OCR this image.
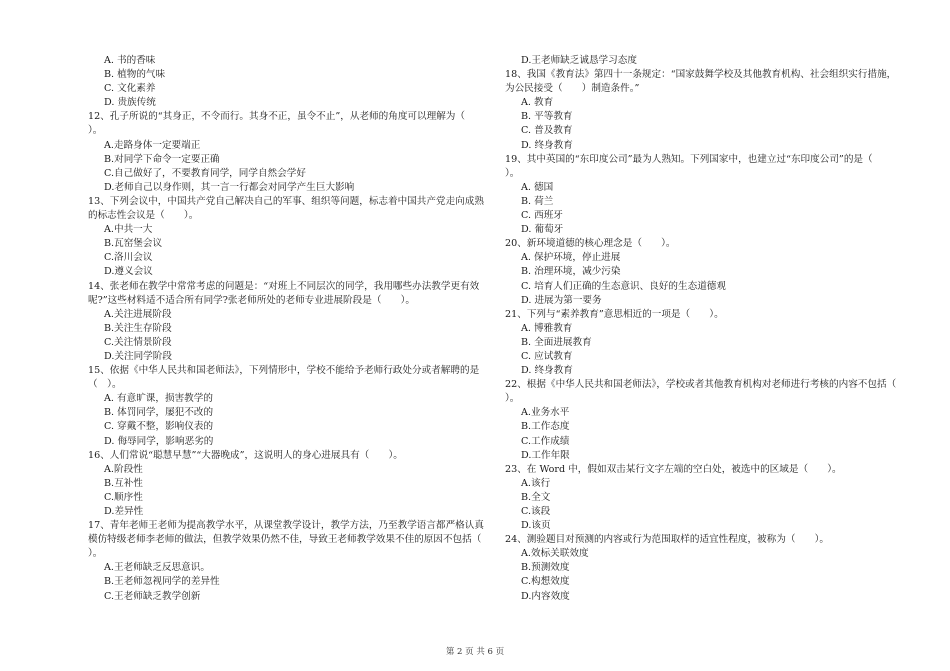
A. 书的香味
B. 植物的气味
C. 文化素养
D. 贵族传统
12、孔子所说的“其身正，不令而行。其身不正，虽令不止”，从老师的角度可以理解为（
）。
A.走路身体一定要端正
B.对同学下命令一定要正确
C.自己做好了，不要教育同学，同学自然会学好
D.老师自己以身作则，其一言一行都会对同学产生巨大影响
13、下列会议中，中国共产党自己解决自己的军事、组织等问题，标志着中国共产党走向成熟
的标志性会议是（　　）。
A.中共一大
B.瓦窑堡会议
C.洛川会议
D.遵义会议
14、张老师在教学中常常考虑的问题是：“对班上不同层次的同学，我用哪些办法教学更有效
呢?”这些材料适不适合所有同学?张老师所处的老师专业进展阶段是（　　）。
A.关注进展阶段
B.关注生存阶段
C.关注情景阶段
D.关注同学阶段
15、依据《中华人民共和国老师法》，下列情形中，学校不能给予老师行政处分或者解聘的是
（　）。
A. 有意旷课，损害教学的
B. 体罚同学，屡犯不改的
C. 穿戴不整，影响仪表的
D. 侮辱同学，影响恶劣的
16、人们常说“聪慧早慧”“大器晚成”，这说明人的身心进展具有（　　）。
A.阶段性
B.互补性
C.顺序性
D.差异性
17、青年老师王老师为提高教学水平，从课堂教学设计，教学方法，乃至教学语言都严格认真
模仿特级老师李老师的做法，但教学效果仍然不佳，导致王老师教学效果不佳的原因不包括（
）。
A.王老师缺乏反思意识。
B.王老师忽视同学的差异性
C.王老师缺乏教学创新
D.王老师缺乏诚恳学习态度
18、我国《教育法》第四十一条规定：“国家鼓舞学校及其他教育机构、社会组织实行措施，
为公民接受（　　）制造条件。”
A. 教育
B. 平等教育
C. 普及教育
D. 终身教育
19、其中英国的“东印度公司”最为人熟知。下列国家中，也建立过“东印度公司”的是（
）。
A. 德国
B. 荷兰
C. 西班牙
D. 葡萄牙
20、新环境道德的核心理念是（　　）。
A. 保护环境，停止进展
B. 治理环境，减少污染
C. 培育人们正确的生态意识、良好的生态道德观
D. 进展为第一要务
21、下列与“素养教育”意思相近的一项是（　　）。
A. 博雅教育
B. 全面进展教育
C. 应试教育
D. 终身教育
22、根据《中华人民共和国老师法》，学校或者其他教育机构对老师进行考核的内容不包括（
）。
A.业务水平
B.工作态度
C.工作成绩
D.工作年限
23、在 Word 中，假如双击某行文字左端的空白处，被选中的区域是（　　）。
A.该行
B.全文
C.该段
D.该页
24、测验题目对预测的内容或行为范围取样的适宜性程度，被称为（　　）。
A.效标关联效度
B.预测效度
C.构想效度
D.内容效度
第 2 页 共 6 页
